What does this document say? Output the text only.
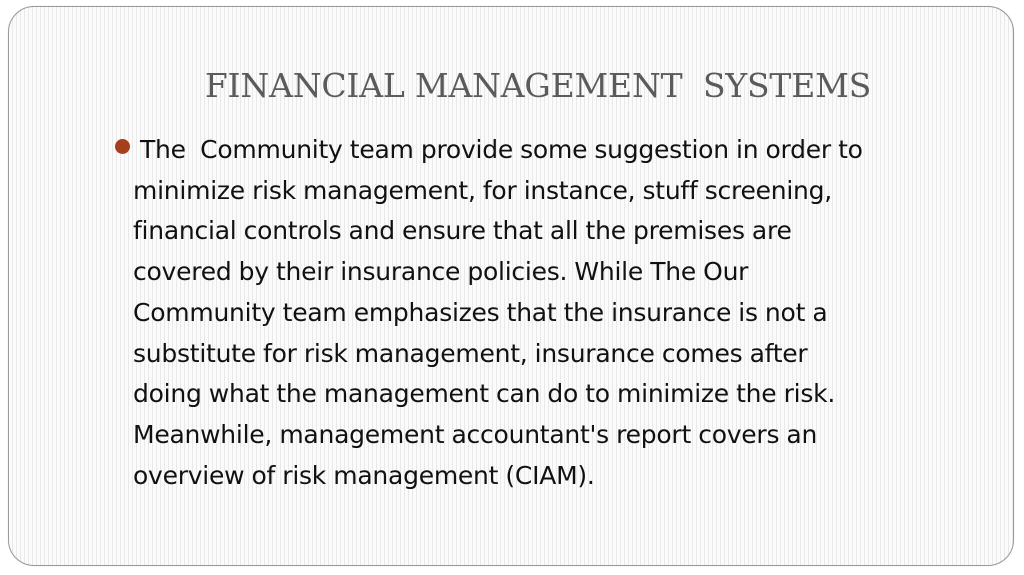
FINANCIAL MANAGEMENT  SYSTEMS

The  Community team provide some suggestion in order to
minimize risk management, for instance, stuff screening,
financial controls and ensure that all the premises are
covered by their insurance policies. While The Our
Community team emphasizes that the insurance is not a
substitute for risk management, insurance comes after
doing what the management can do to minimize the risk.
Meanwhile, management accountant's report covers an
overview of risk management (CIAM).
